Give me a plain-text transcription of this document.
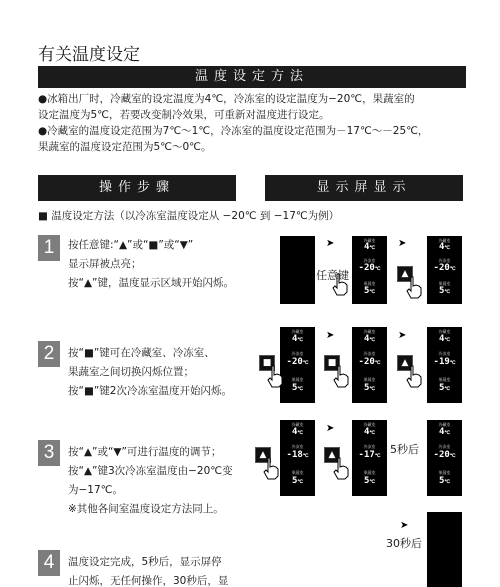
有关温度设定
温度设定方法
●冰箱出厂时，冷藏室的设定温度为4℃，冷冻室的设定温度为−20℃，果蔬室的
设定温度为5℃，若要改变制冷效果，可重新对温度进行设定。
●冷藏室的温度设定范围为7℃～1℃，冷冻室的温度设定范围为－17℃～－25℃，
果蔬室的温度设定范围为5℃～0℃。
操作步骤	显示屏显示
■ 温度设定方法（以冷冻室温度设定从 −20℃ 到 −17℃为例）
1	按任意键:“▲”或“■”或“▼”
显示屏被点亮；
按“▲”键，温度显示区域开始闪烁。
2	按“■”键可在冷藏室、冷冻室、
果蔬室之间切换闪烁位置；
按“■”键2次冷冻室温度开始闪烁。
3	按“▲”或“▼”可进行温度的调节；
按“▲”键3次冷冻室温度由−20℃变
为−17℃。
※其他各间室温度设定方法同上。
4	温度设定完成，5秒后，显示屏停
止闪烁，无任何操作，30秒后，显
任意键
➤	冷藏室
4℃
冷冻室
-20℃
果蔬室
5℃
➤
▲
冷藏室
4℃
冷冻室
-20℃
果蔬室
5℃
冷藏室
4℃
冷冻室
-20℃
果蔬室
5℃
■
➤
■
冷藏室
4℃
冷冻室
-20℃
果蔬室
5℃
➤
▲
冷藏室
4℃
冷冻室
-19℃
果蔬室
5℃
▲
冷藏室
4℃
冷冻室
-18℃
果蔬室
5℃
➤
▲
冷藏室
4℃
冷冻室
-17℃
果蔬室
5℃
5秒后
冷藏室
4℃
冷冻室
-20℃
果蔬室
5℃
➤
30秒后
